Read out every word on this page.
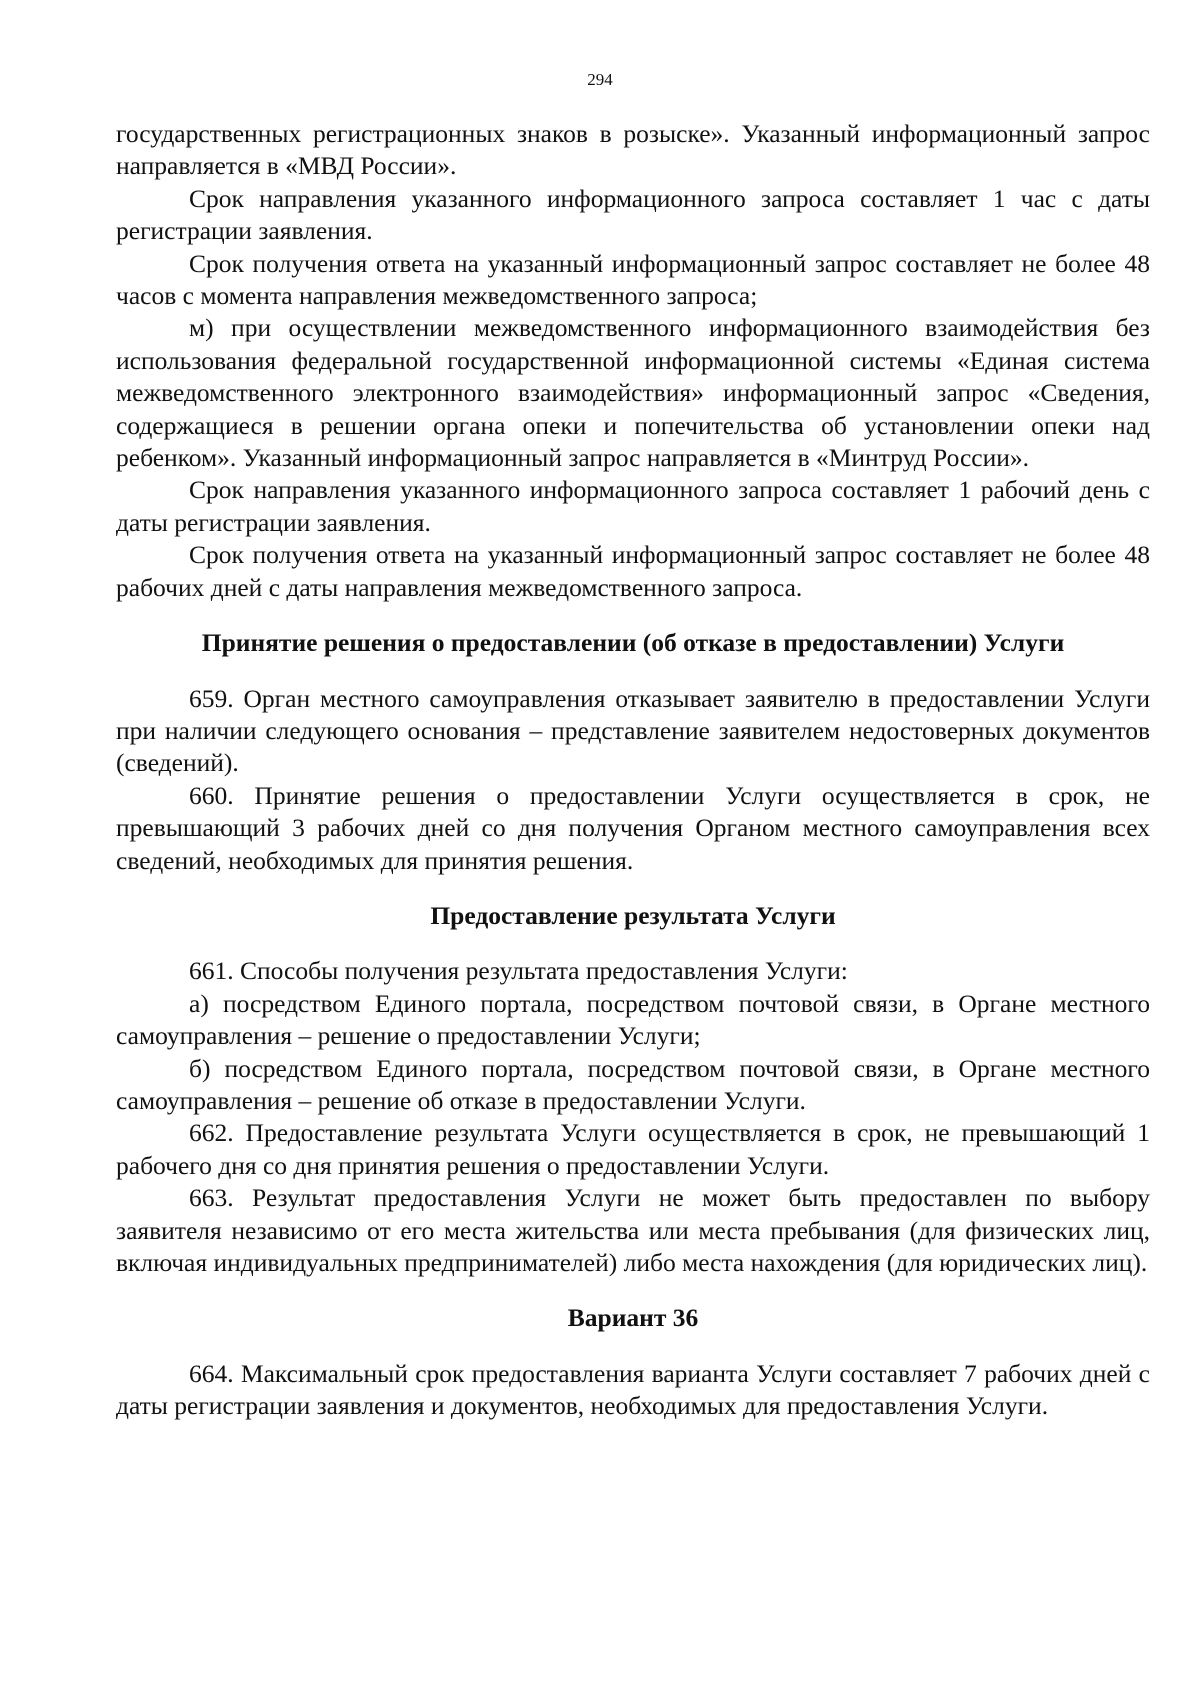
294

государственных регистрационных знаков в розыске». Указанный информационный запрос направляется в «МВД России».

Срок направления указанного информационного запроса составляет 1 час с даты регистрации заявления.

Срок получения ответа на указанный информационный запрос составляет не более 48 часов с момента направления межведомственного запроса;

м) при осуществлении межведомственного информационного взаимодействия без использования федеральной государственной информационной системы «Единая система межведомственного электронного взаимодействия» информационный запрос «Сведения, содержащиеся в решении органа опеки и попечительства об установлении опеки над ребенком». Указанный информационный запрос направляется в «Минтруд России».

Срок направления указанного информационного запроса составляет 1 рабочий день с даты регистрации заявления.

Срок получения ответа на указанный информационный запрос составляет не более 48 рабочих дней с даты направления межведомственного запроса.

Принятие решения о предоставлении (об отказе в предоставлении) Услуги

659. Орган местного самоуправления отказывает заявителю в предоставлении Услуги при наличии следующего основания – представление заявителем недостоверных документов (сведений).

660. Принятие решения о предоставлении Услуги осуществляется в срок, не превышающий 3 рабочих дней со дня получения Органом местного самоуправления всех сведений, необходимых для принятия решения.

Предоставление результата Услуги

661. Способы получения результата предоставления Услуги:

а) посредством Единого портала, посредством почтовой связи, в Органе местного самоуправления – решение о предоставлении Услуги;

б) посредством Единого портала, посредством почтовой связи, в Органе местного самоуправления – решение об отказе в предоставлении Услуги.

662. Предоставление результата Услуги осуществляется в срок, не превышающий 1 рабочего дня со дня принятия решения о предоставлении Услуги.

663. Результат предоставления Услуги не может быть предоставлен по выбору заявителя независимо от его места жительства или места пребывания (для физических лиц, включая индивидуальных предпринимателей) либо места нахождения (для юридических лиц).

Вариант 36

664. Максимальный срок предоставления варианта Услуги составляет 7 рабочих дней с даты регистрации заявления и документов, необходимых для предоставления Услуги.
